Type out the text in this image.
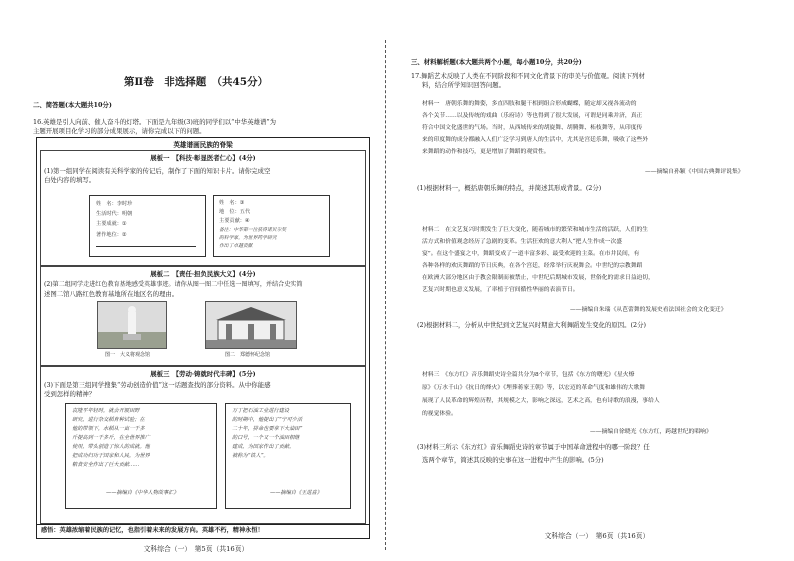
第Ⅱ卷　非选择题　（共45分）
二、简答题(本大题共10分)
16.英雄是引人向前、催人奋斗的灯塔。下面是九年级(3)班的同学们以“中华英雄谱”为
主题开展项目化学习的部分成果展示，请你完成以下的问题。
英雄谱画民族的脊梁
展板一　【科技·彰显医者仁心】(4分)
(1)第一组同学在阅读有关科学家的传记后，制作了下面的知识卡片。请你完成空
白处内容的填写。
姓　名：李时珍
生活时代：明朝
主要成就：①
著作地位：②
姓　名：③
地　位：五代
主要贡献：④
备注：中华第一位获得诺贝尔奖
的科学家，为世界药学研究
作出了卓越贡献
展板二　【责任·担负民族大义】(4分)
(2)第二组同学走进红色教育基地感受英雄事迹。请你从图一图二中任选一图填写，并结合史实简
述图二馆八路红色教育基地所在地区名的理由。
图一　大义将观念馆	图二　郑德怀纪念馆
展板三　【劳动·铸就时代丰碑】(5分)
(3)下面是第三组同学搜集“劳动创造价值”这一话题查找的部分资料。从中你能感
受到怎样的精神？
袁隆平年轻时，就会开展田野
研究，进行杂交稻育种试验；在
他的带领下，水稻从一亩一千多
斤提高到一千多斤，在全世界推广
使用，带头创造了惊人的成就。他
把成功归功于国家和人民，为世界
粮食安全作出了巨大贡献……
——摘编自《中华人物故事汇》
万丁把石油工业进行建设
的时期中，他提出了“宁可少活
二十年，拼命也要拿下大油田”
的口号，一个又一个油田相继
建成，为国家作出了贡献。
被称为“铁人”。
——摘编自《王进喜》
感悟：英雄浓缩着民族的记忆，也指引着未来的发展方向。英雄不朽，精神永恒！
文科综合（一）　第5页（共16页）
三、材料解析题(本大题共两个小题，每小题10分，共20分)
17.舞蹈艺术反映了人类在不同阶段和不同文化背景下的审美与价值观。阅读下列材
料，结合所学知识回答问题。
材料一　唐朝乐舞的舞姿，多直四肢和腿干相到组合形成蝴蝶，随定却又视各流动的
各个关节……以及传统的戏曲（乐府诗）等也得到了很大发展，可谓是同乘并济，真正
符合中国文化盛世的气场。当时，从西域传来的胡旋舞、胡腾舞、柘枝舞等，从印度传
来的印度舞的成分都融入人们广泛学习到唐人的生活中，尤其是宫廷乐舞，吸收了这些外
来舞蹈的动作和技巧，更是增加了舞蹈的观赏性。
——摘编自孙颖《中国古典舞评说集》
(1)根据材料一，概括唐朝乐舞的特点，并简述其形成背景。(2分)
材料二　在文艺复兴时期发生了巨大变化，随着城市的繁荣和城市生活的活跃，人们的生
活方式和价值观念经历了急剧的变革。生活狂欢的意大利人“把人生作成一次盛
宴”。在这个盛宴之中，舞蹈变成了一道丰富多彩、最受欢迎的主菜。在市井民间，有
各种各样的欢庆舞蹈的节日庆典，在各个宫廷，经常举行庆祝舞会。中世纪的宗教舞蹈
在欧洲大部分地区由于教会限制而被禁止，中世纪后期城市发展，世俗化的需求日益迫切，
艺复兴时期也意义发展，了率植于宫间循性华丽的表演节日。
——摘编自朱瑞《从芭蕾舞的发展史看法国社会的文化变迁》
(2)根据材料二，分析从中世纪到文艺复兴时期意大利舞蹈发生变化的原因。(2分)
材料三　《东方红》音乐舞蹈史诗全篇共分为8个章节，包括《东方的曙光》《星火燎
原》《万水千山》《抗日的烽火》《埋葬蒋家王朝》等，以宏迈的革命气度和雄伟的大歌舞
展现了人民革命的辉煌历程，其规模之大，影响之深远，艺术之高，也有诗歌的浪漫，事给人
的视觉体验。
——摘编自徐晓光《东方红，跨越世纪的唱响》
(3)材料三所示《东方红》音乐舞蹈史诗的章节属于中国革命进程中的哪一阶段？任
选两个章节，简述其反映的史事在这一进程中产生的影响。(5分)
文科综合（一）　第6页（共16页）
